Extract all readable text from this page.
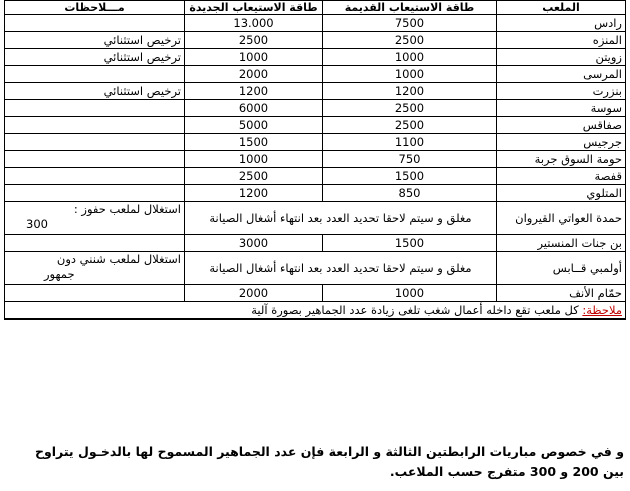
الملعب	طاقة الاستيعاب القديمة	طاقة الاستيعاب الجديدة	مـــلاحظات
رادس	7500	13.000	
المنزه	2500	2500	ترخيص استثنائي
زويتن	1000	1000	ترخيص استثنائي
المرسى	1000	2000	
بنزرت	1200	1200	ترخيص استثنائي
سوسة	2500	6000	
صفاقس	2500	5000	
جرجيس	1100	1500	
حومة السوق جربة	750	1000	
قفصة	1500	2500	
المتلوي	850	1200	
حمدة العواتي القيروان	مغلق و سيتم لاحقا تحديد العدد بعد انتهاء أشغال الصيانة		استغلال لملعب حفوز :
300

بن جنات المنستير	1500	3000	
أولمبي قــابس	مغلق و سيتم لاحقا تحديد العدد بعد انتهاء أشغال الصيانة		استغلال لملعب شنني دون
جمهور

حمّام الأنف	1000	2000	
ملاحظة: كل ملعب تقع داخله أعمال شغب تلغى زيادة عدد الجماهير بصورة آلية			

و في خصوص مباريات الرابطتين الثالثة و الرابعة فإن عدد الجماهير المسموح لها بالدخـول يتراوح بين 200 و 300 متفرج حسب الملاعب.
